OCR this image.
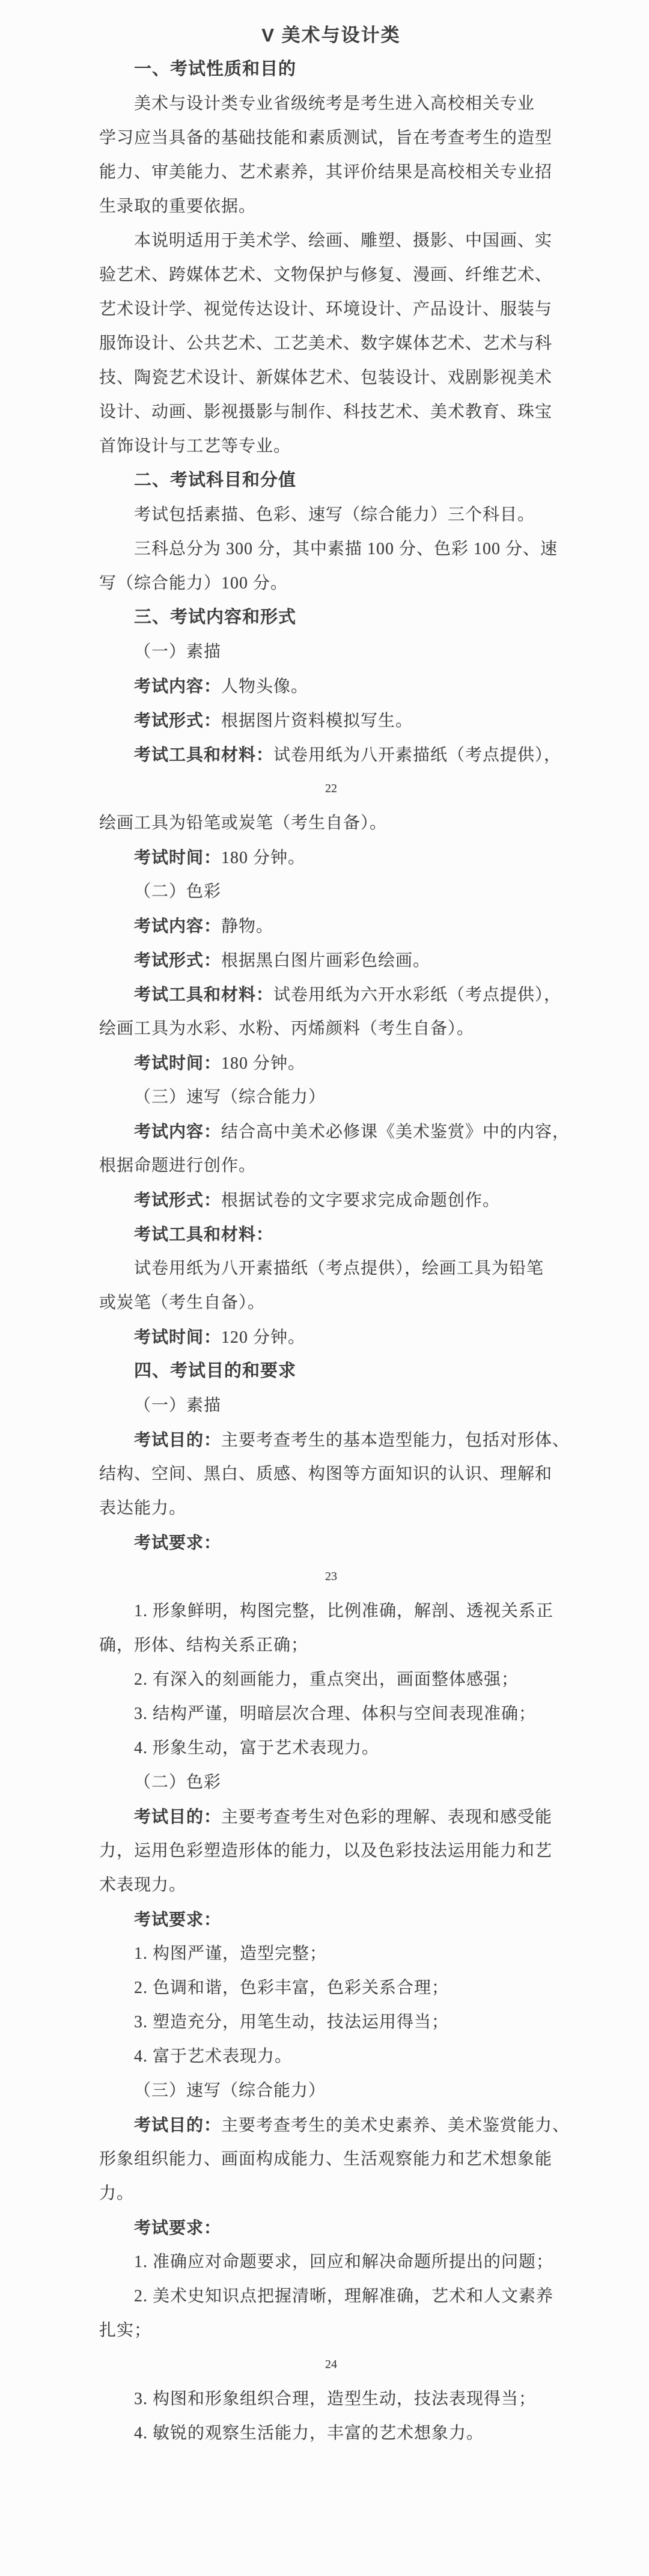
V 美术与设计类
一、考试性质和目的
美术与设计类专业省级统考是考生进入高校相关专业
学习应当具备的基础技能和素质测试，旨在考查考生的造型
能力、审美能力、艺术素养，其评价结果是高校相关专业招
生录取的重要依据。
本说明适用于美术学、绘画、雕塑、摄影、中国画、实
验艺术、跨媒体艺术、文物保护与修复、漫画、纤维艺术、
艺术设计学、视觉传达设计、环境设计、产品设计、服装与
服饰设计、公共艺术、工艺美术、数字媒体艺术、艺术与科
技、陶瓷艺术设计、新媒体艺术、包装设计、戏剧影视美术
设计、动画、影视摄影与制作、科技艺术、美术教育、珠宝
首饰设计与工艺等专业。
二、考试科目和分值
考试包括素描、色彩、速写（综合能力）三个科目。
三科总分为 300 分，其中素描 100 分、色彩 100 分、速
写（综合能力）100 分。
三、考试内容和形式
（一）素描
考试内容：人物头像。
考试形式：根据图片资料模拟写生。
考试工具和材料：试卷用纸为八开素描纸（考点提供），
22
绘画工具为铅笔或炭笔（考生自备）。
考试时间：180 分钟。
（二）色彩
考试内容：静物。
考试形式：根据黑白图片画彩色绘画。
考试工具和材料：试卷用纸为六开水彩纸（考点提供），
绘画工具为水彩、水粉、丙烯颜料（考生自备）。
考试时间：180 分钟。
（三）速写（综合能力）
考试内容：结合高中美术必修课《美术鉴赏》中的内容，
根据命题进行创作。
考试形式：根据试卷的文字要求完成命题创作。
考试工具和材料：
试卷用纸为八开素描纸（考点提供），绘画工具为铅笔
或炭笔（考生自备）。
考试时间：120 分钟。
四、考试目的和要求
（一）素描
考试目的：主要考查考生的基本造型能力，包括对形体、
结构、空间、黑白、质感、构图等方面知识的认识、理解和
表达能力。
考试要求：
23
1. 形象鲜明，构图完整，比例准确，解剖、透视关系正
确，形体、结构关系正确；
2. 有深入的刻画能力，重点突出，画面整体感强；
3. 结构严谨，明暗层次合理、体积与空间表现准确；
4. 形象生动，富于艺术表现力。
（二）色彩
考试目的：主要考查考生对色彩的理解、表现和感受能
力，运用色彩塑造形体的能力，以及色彩技法运用能力和艺
术表现力。
考试要求：
1. 构图严谨，造型完整；
2. 色调和谐，色彩丰富，色彩关系合理；
3. 塑造充分，用笔生动，技法运用得当；
4. 富于艺术表现力。
（三）速写（综合能力）
考试目的：主要考查考生的美术史素养、美术鉴赏能力、
形象组织能力、画面构成能力、生活观察能力和艺术想象能
力。
考试要求：
1. 准确应对命题要求，回应和解决命题所提出的问题；
2. 美术史知识点把握清晰，理解准确，艺术和人文素养
扎实；
24
3. 构图和形象组织合理，造型生动，技法表现得当；
4. 敏锐的观察生活能力，丰富的艺术想象力。
